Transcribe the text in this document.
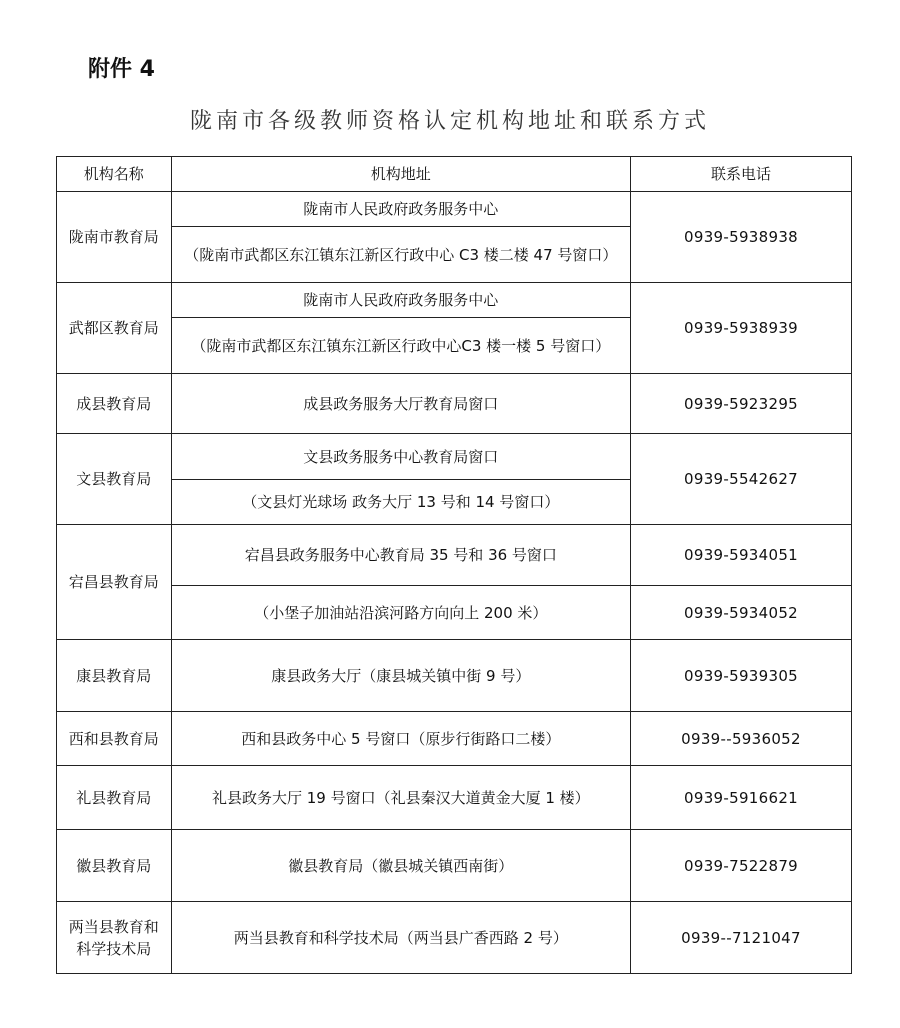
附件 4
陇南市各级教师资格认定机构地址和联系方式
机构名称	机构地址	联系电话
陇南市教育局	陇南市人民政府政务服务中心	0939-5938938
	（陇南市武都区东江镇东江新区行政中心 C3 楼二楼 47 号窗口）	
武都区教育局	陇南市人民政府政务服务中心	0939-5938939
	（陇南市武都区东江镇东江新区行政中心C3 楼一楼 5 号窗口）	
成县教育局	成县政务服务大厅教育局窗口	0939-5923295
文县教育局	文县政务服务中心教育局窗口	0939-5542627
	（文县灯光球场 政务大厅 13 号和 14 号窗口）	
宕昌县教育局	宕昌县政务服务中心教育局 35 号和 36 号窗口	0939-5934051
	（小堡子加油站沿滨河路方向向上 200 米）	0939-5934052
康县教育局	康县政务大厅（康县城关镇中街 9 号）	0939-5939305
西和县教育局	西和县政务中心 5 号窗口（原步行街路口二楼）	0939--5936052
礼县教育局	礼县政务大厅 19 号窗口（礼县秦汉大道黄金大厦 1 楼）	0939-5916621
徽县教育局	徽县教育局（徽县城关镇西南街）	0939-7522879
两当县教育和科学技术局	两当县教育和科学技术局（两当县广香西路 2 号）	0939--7121047
